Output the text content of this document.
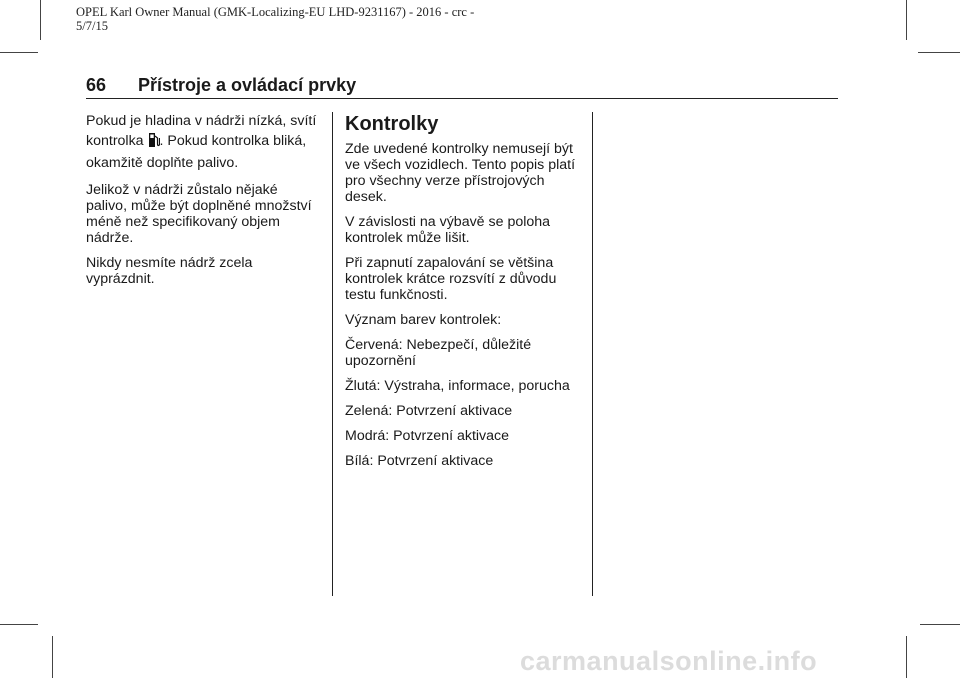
OPEL Karl Owner Manual (GMK-Localizing-EU LHD-9231167) - 2016 - crc -
5/7/15
66 Přístroje a ovládací prvky

Pokud je hladina v nádrži nízká, svítí kontrolka . Pokud kontrolka bliká, okamžitě doplňte palivo.

Jelikož v nádrži zůstalo nějaké palivo, může být doplněné množství méně než specifikovaný objem nádrže.

Nikdy nesmíte nádrž zcela vyprázdnit.

Kontrolky

Zde uvedené kontrolky nemusejí být ve všech vozidlech. Tento popis platí pro všechny verze přístrojových desek.

V závislosti na výbavě se poloha kontrolek může lišit.

Při zapnutí zapalování se většina kontrolek krátce rozsvítí z důvodu testu funkčnosti.

Význam barev kontrolek:

Červená: Nebezpečí, důležité upozornění

Žlutá: Výstraha, informace, porucha

Zelená: Potvrzení aktivace

Modrá: Potvrzení aktivace

Bílá: Potvrzení aktivace

carmanualsonline.info
